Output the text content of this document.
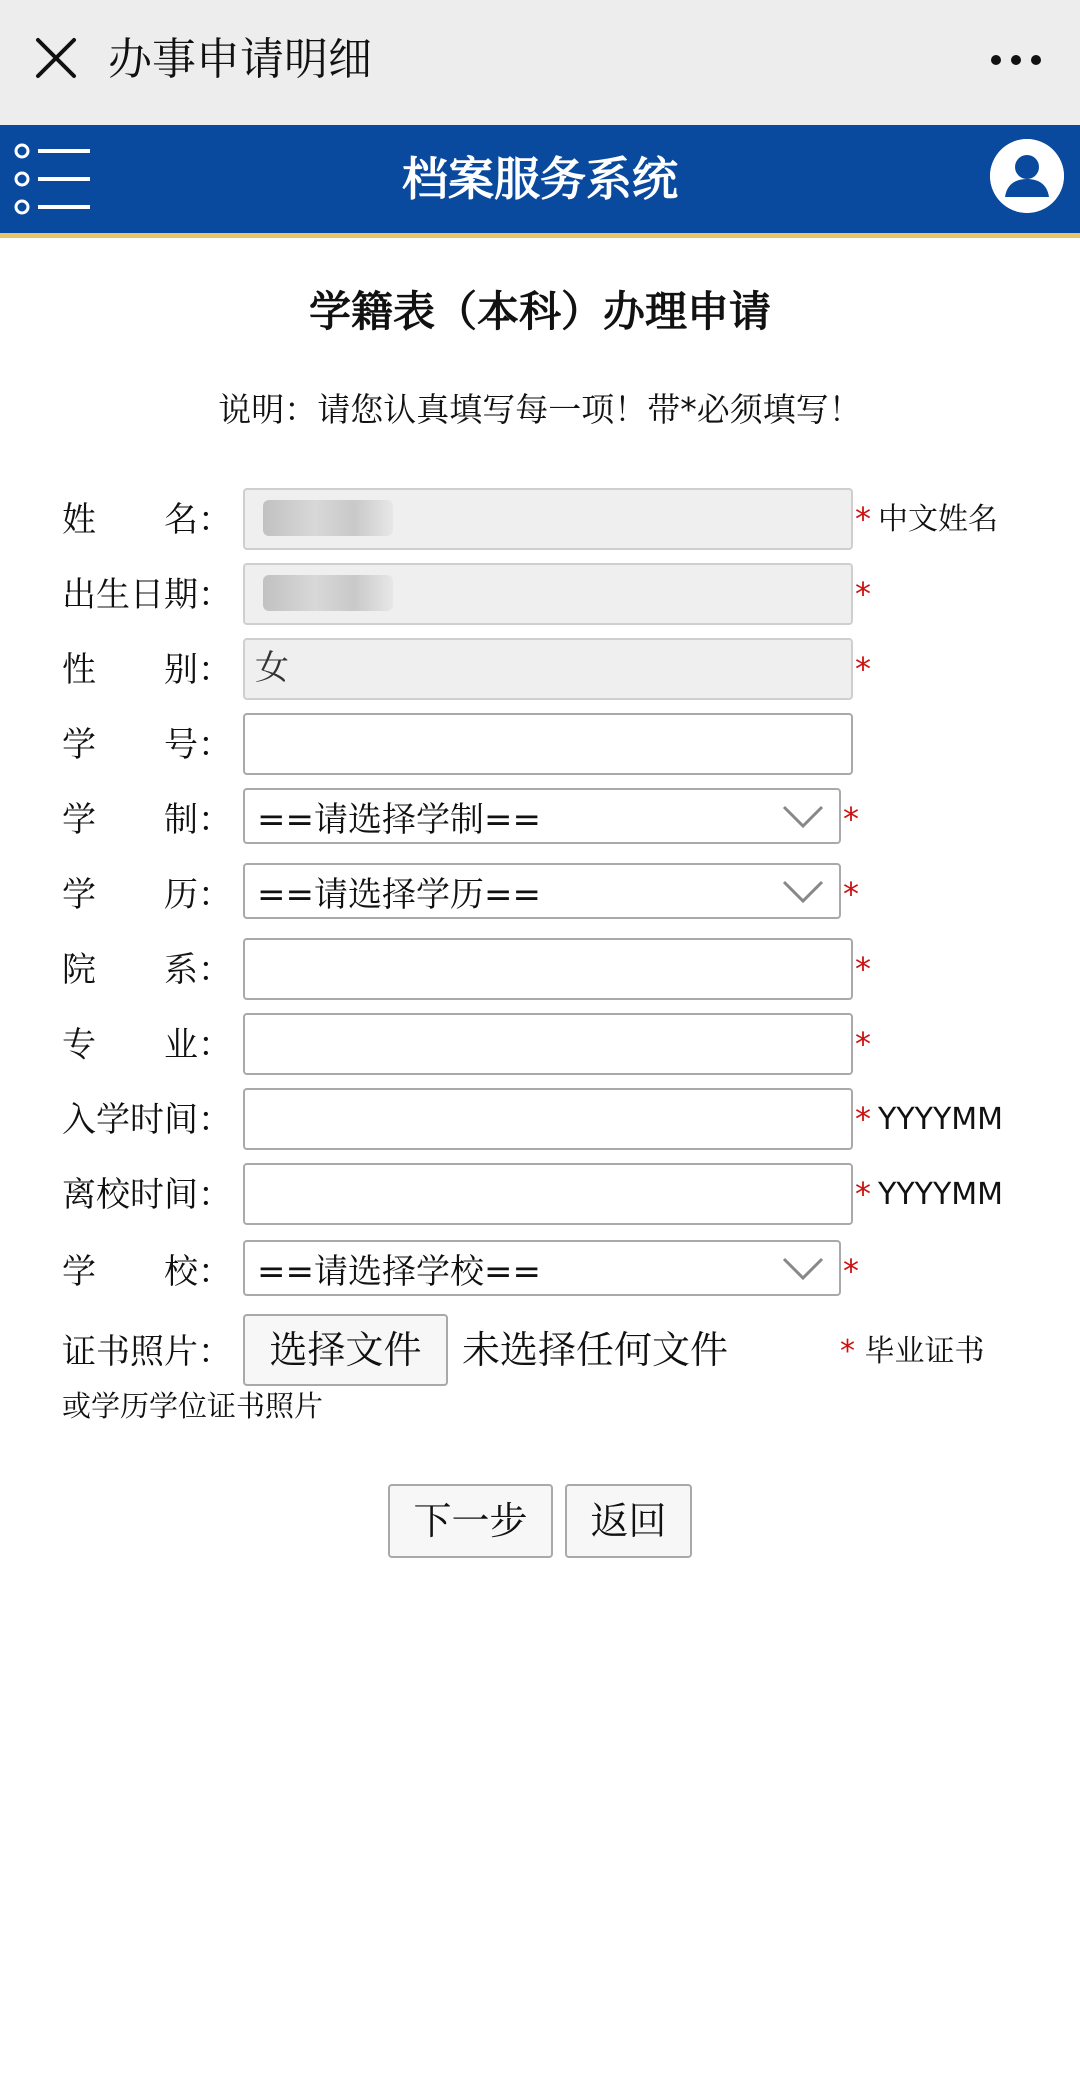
办事申请明细
档案服务系统
学籍表（本科）办理申请
说明：请您认真填写每一项！带*必须填写！
姓 名：	* 中文姓名
出生日期：	*
性 别： 女	*
学 号：
学 制： ==请选择学制==	*
学 历： ==请选择学历==	*
院 系：	*
专 业：	*
入学时间：	* YYYYMM
离校时间：	* YYYYMM
学 校： ==请选择学校==	*
证书照片： 选择文件	未选择任何文件	* 毕业证书
或学历学位证书照片
下一步	返回
